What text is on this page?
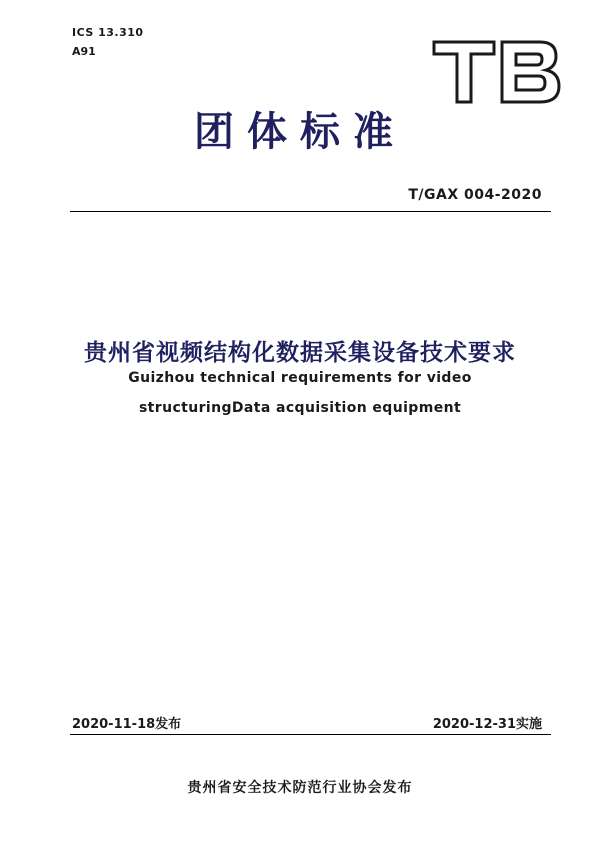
ICS 13.310
A91
团体标准
T/GAX 004-2020
贵州省视频结构化数据采集设备技术要求
Guizhou technical requirements for video
structuringData acquisition equipment
2020-11-18发布	2020-12-31实施
贵州省安全技术防范行业协会发布
